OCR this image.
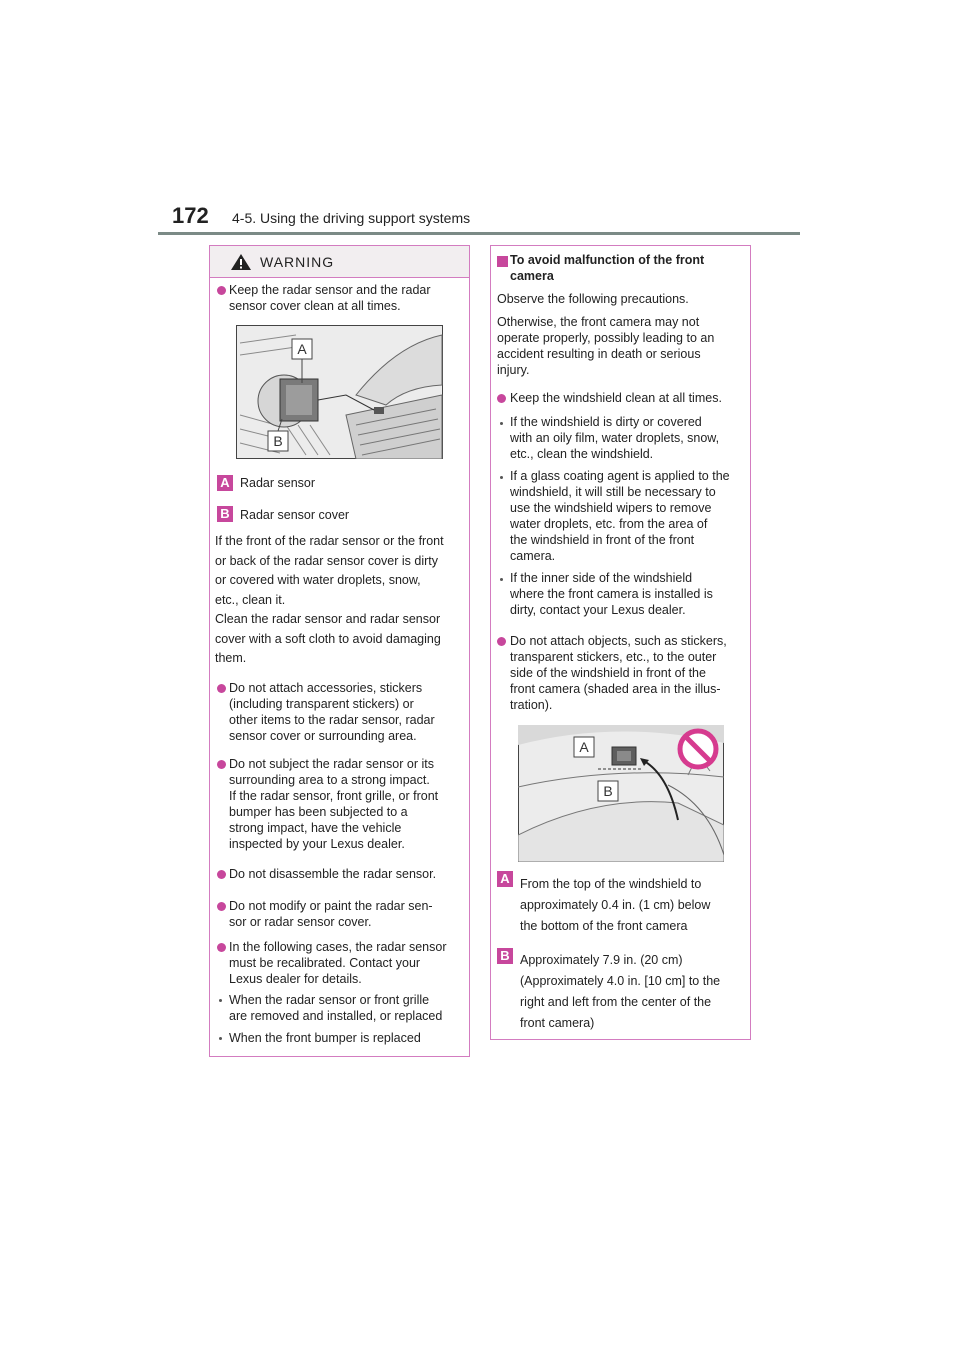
172 4-5. Using the driving support systems
WARNING
Keep the radar sensor and the radar
sensor cover clean at all times.
A
B
A Radar sensor
B Radar sensor cover
If the front of the radar sensor or the front
or back of the radar sensor cover is dirty
or covered with water droplets, snow,
etc., clean it.
Clean the radar sensor and radar sensor
cover with a soft cloth to avoid damaging
them.
Do not attach accessories, stickers
(including transparent stickers) or
other items to the radar sensor, radar
sensor cover or surrounding area.
Do not subject the radar sensor or its
surrounding area to a strong impact.
If the radar sensor, front grille, or front
bumper has been subjected to a
strong impact, have the vehicle
inspected by your Lexus dealer.
Do not disassemble the radar sensor.
Do not modify or paint the radar sen-
sor or radar sensor cover.
In the following cases, the radar sensor
must be recalibrated. Contact your
Lexus dealer for details.
When the radar sensor or front grille
are removed and installed, or replaced
When the front bumper is replaced
To avoid malfunction of the front
camera
Observe the following precautions.
Otherwise, the front camera may not
operate properly, possibly leading to an
accident resulting in death or serious
injury.
Keep the windshield clean at all times.
If the windshield is dirty or covered
with an oily film, water droplets, snow,
etc., clean the windshield.
If a glass coating agent is applied to the
windshield, it will still be necessary to
use the windshield wipers to remove
water droplets, etc. from the area of
the windshield in front of the front
camera.
If the inner side of the windshield
where the front camera is installed is
dirty, contact your Lexus dealer.
Do not attach objects, such as stickers,
transparent stickers, etc., to the outer
side of the windshield in front of the
front camera (shaded area in the illus-
tration).
A
B
A From the top of the windshield to
approximately 0.4 in. (1 cm) below
the bottom of the front camera
B Approximately 7.9 in. (20 cm)
(Approximately 4.0 in. [10 cm] to the
right and left from the center of the
front camera)
